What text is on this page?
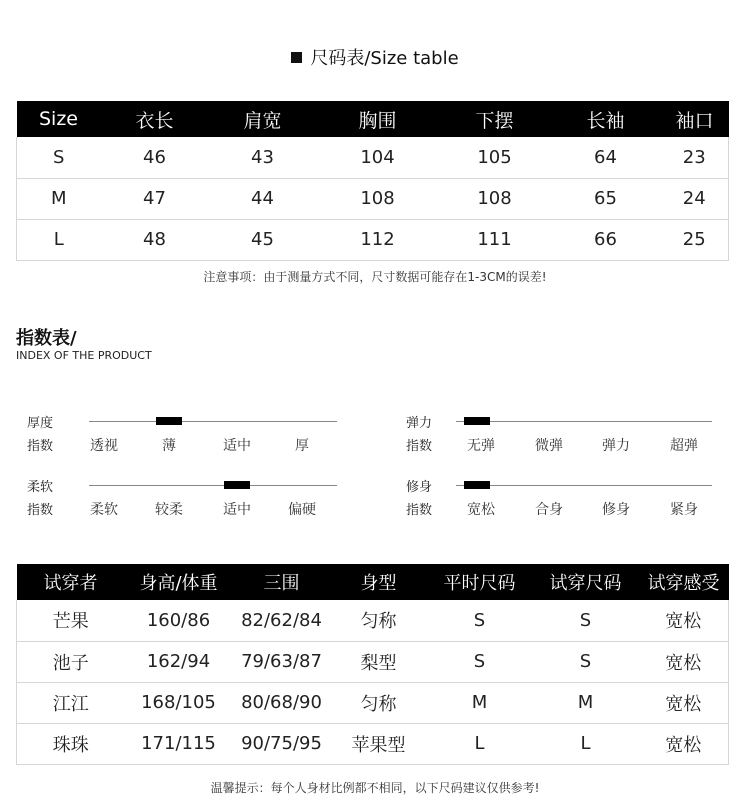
尺码表/Size table
Size	衣长	肩宽	胸围	下摆	长袖	袖口
S	46	43	104	105	64	23
M	47	44	108	108	65	24
L	48	45	112	111	66	25
注意事项：由于测量方式不同，尺寸数据可能存在1-3CM的误差!
指数表/
INDEX OF THE PRODUCT
厚度
指数	透视	薄	适中	厚
弹力
指数	无弹	微弹	弹力	超弹
柔软
指数	柔软	较柔	适中	偏硬
修身
指数	宽松	合身	修身	紧身
试穿者	身高/体重	三围	身型	平时尺码	试穿尺码	试穿感受
芒果	160/86	82/62/84	匀称	S	S	宽松
池子	162/94	79/63/87	梨型	S	S	宽松
江江	168/105	80/68/90	匀称	M	M	宽松
珠珠	171/115	90/75/95	苹果型	L	L	宽松
温馨提示：每个人身材比例都不相同，以下尺码建议仅供参考!
